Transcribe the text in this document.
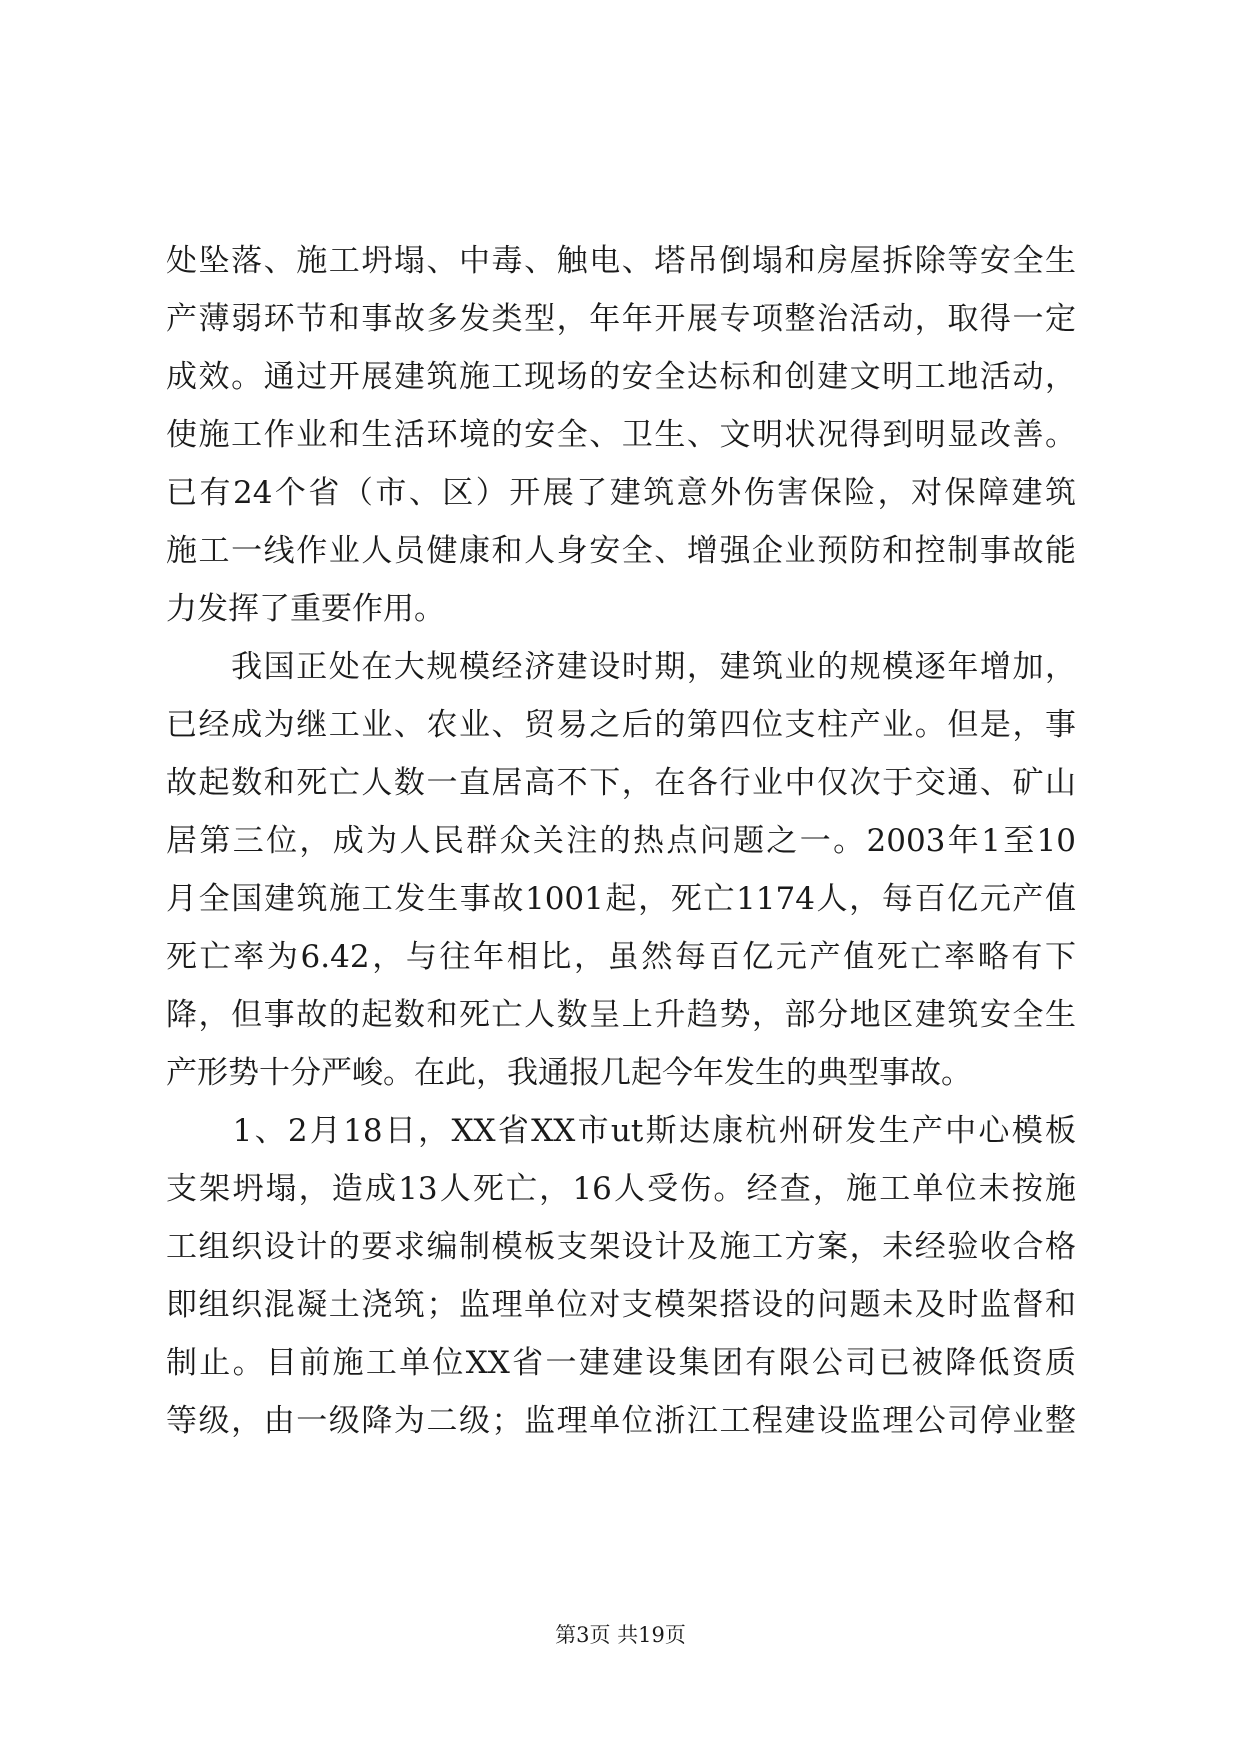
处坠落、施工坍塌、中毒、触电、塔吊倒塌和房屋拆除等安全生
产薄弱环节和事故多发类型，年年开展专项整治活动，取得一定
成效。通过开展建筑施工现场的安全达标和创建文明工地活动，
使施工作业和生活环境的安全、卫生、文明状况得到明显改善。
已有24个省（市、区）开展了建筑意外伤害保险，对保障建筑
施工一线作业人员健康和人身安全、增强企业预防和控制事故能
力发挥了重要作用。
　　我国正处在大规模经济建设时期，建筑业的规模逐年增加，
已经成为继工业、农业、贸易之后的第四位支柱产业。但是，事
故起数和死亡人数一直居高不下，在各行业中仅次于交通、矿山
居第三位，成为人民群众关注的热点问题之一。2003年1至10
月全国建筑施工发生事故1001起，死亡1174人，每百亿元产值
死亡率为6.42，与往年相比，虽然每百亿元产值死亡率略有下
降，但事故的起数和死亡人数呈上升趋势，部分地区建筑安全生
产形势十分严峻。在此，我通报几起今年发生的典型事故。
　　1、2月18日，XX省XX市ut斯达康杭州研发生产中心模板
支架坍塌，造成13人死亡，16人受伤。经查，施工单位未按施
工组织设计的要求编制模板支架设计及施工方案，未经验收合格
即组织混凝土浇筑；监理单位对支模架搭设的问题未及时监督和
制止。目前施工单位XX省一建建设集团有限公司已被降低资质
等级，由一级降为二级；监理单位浙江工程建设监理公司停业整
第3页 共19页
